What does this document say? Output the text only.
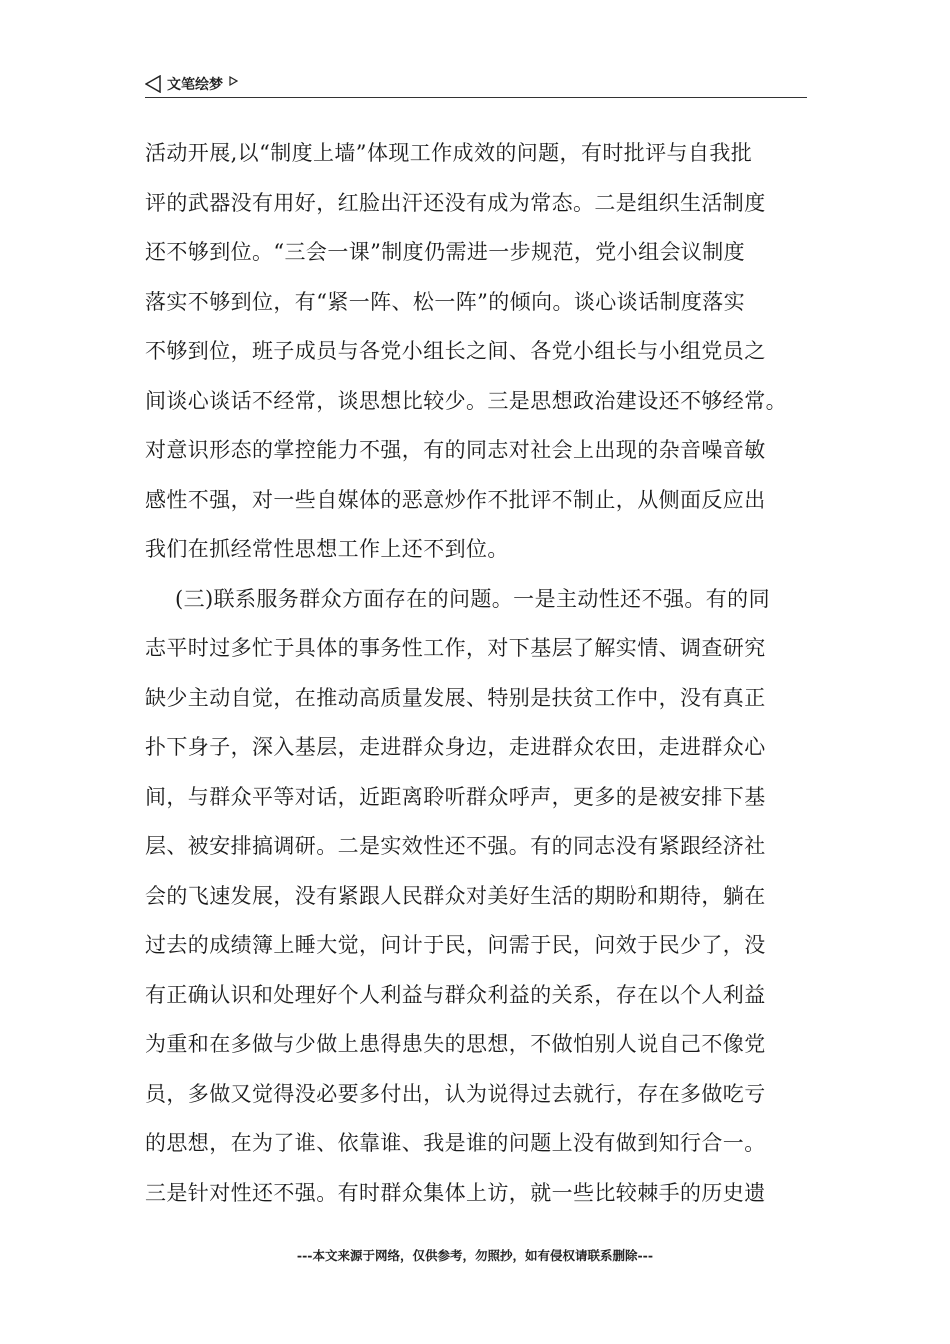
文笔绘梦
活动开展,以“制度上墙”体现工作成效的问题，有时批评与自我批
评的武器没有用好，红脸出汗还没有成为常态。二是组织生活制度
还不够到位。“三会一课”制度仍需进一步规范，党小组会议制度
落实不够到位，有“紧一阵、松一阵”的倾向。谈心谈话制度落实
不够到位，班子成员与各党小组长之间、各党小组长与小组党员之
间谈心谈话不经常，谈思想比较少。三是思想政治建设还不够经常。
对意识形态的掌控能力不强，有的同志对社会上出现的杂音噪音敏
感性不强，对一些自媒体的恶意炒作不批评不制止，从侧面反应出
我们在抓经常性思想工作上还不到位。
(三)联系服务群众方面存在的问题。一是主动性还不强。有的同
志平时过多忙于具体的事务性工作，对下基层了解实情、调查研究
缺少主动自觉，在推动高质量发展、特别是扶贫工作中，没有真正
扑下身子，深入基层，走进群众身边，走进群众农田，走进群众心
间，与群众平等对话，近距离聆听群众呼声，更多的是被安排下基
层、被安排搞调研。二是实效性还不强。有的同志没有紧跟经济社
会的飞速发展，没有紧跟人民群众对美好生活的期盼和期待，躺在
过去的成绩簿上睡大觉，问计于民，问需于民，问效于民少了，没
有正确认识和处理好个人利益与群众利益的关系，存在以个人利益
为重和在多做与少做上患得患失的思想，不做怕别人说自己不像党
员，多做又觉得没必要多付出，认为说得过去就行，存在多做吃亏
的思想，在为了谁、依靠谁、我是谁的问题上没有做到知行合一。
三是针对性还不强。有时群众集体上访，就一些比较棘手的历史遗
---本文来源于网络，仅供参考，勿照抄，如有侵权请联系删除---
